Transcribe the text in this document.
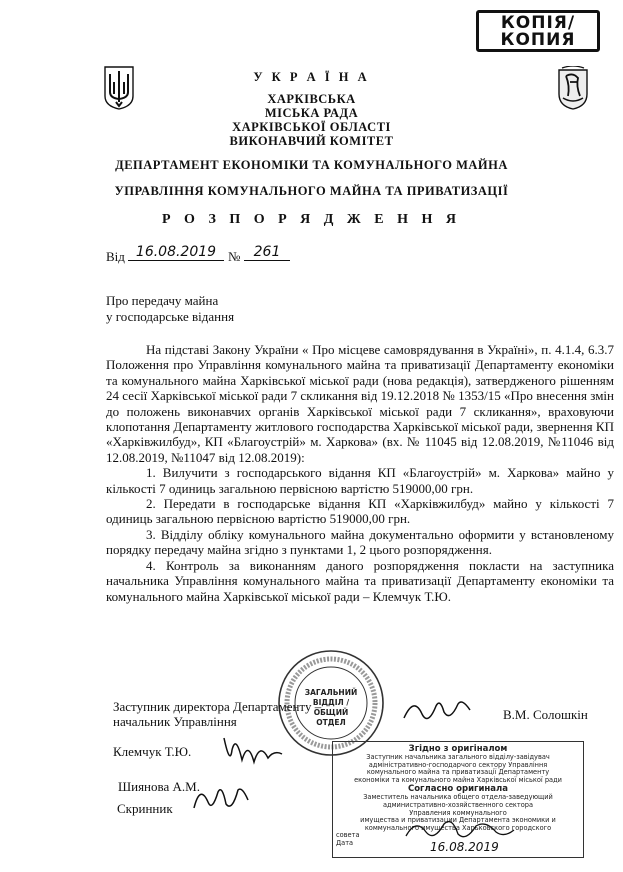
КОПІЯ/
КОПИЯ
У К Р А Ї Н А
ХАРКІВСЬКА
МІСЬКА РАДА
ХАРКІВСЬКОЇ ОБЛАСТІ
ВИКОНАВЧИЙ КОМІТЕТ
ДЕПАРТАМЕНТ ЕКОНОМІКИ ТА КОМУНАЛЬНОГО МАЙНА
УПРАВЛІННЯ КОМУНАЛЬНОГО МАЙНА ТА ПРИВАТИЗАЦІЇ
Р О З П О Р Я Д Ж Е Н Н Я
Від 16.08.2019 № 261
Про передачу майна
у господарське відання

На підставі Закону України « Про місцеве самоврядування в Україні», п. 4.1.4, 6.3.7 Положення про Управління комунального майна та приватизації Департаменту економіки та комунального майна Харківської міської ради (нова редакція), затвердженого рішенням 24 сесії Харківської міської ради 7 скликання від 19.12.2018 № 1353/15 «Про внесення змін до положень виконавчих органів Харківської міської ради 7 скликання», враховуючи клопотання Департаменту житлового господарства Харківської міської ради, звернення КП «Харківжилбуд», КП «Благоустрій» м. Харкова» (вх. № 11045 від 12.08.2019, №11046 від 12.08.2019, №11047 від 12.08.2019):

1. Вилучити з господарського відання КП «Благоустрій» м. Харкова» майно у кількості 7 одиниць загальною первісною вартістю 519000,00 грн.

2. Передати в господарське відання КП «Харківжилбуд» майно у кількості 7 одиниць загальною первісною вартістю 519000,00 грн.

3. Відділу обліку комунального майна документально оформити у встановленому порядку передачу майна згідно з пунктами 1, 2 цього розпорядження.

4. Контроль за виконанням даного розпорядження покласти на заступника начальника Управління комунального майна та приватизації Департаменту економіки та комунального майна Харківської міської ради – Клемчук Т.Ю.

ЗАГАЛЬНИЙ
ВІДДІЛ /
ОБЩИЙ ОТДЕЛ
Заступник директора Департаменту –
начальник Управління	В.М. Солошкін
Клемчук Т.Ю.
Шиянова А.М.
Скринник
Згідно з оригіналом
Заступник начальника загального відділу-завідувач
адміністративно-господарчого сектору Управління
комунального майна та приватизації Департаменту
економіки та комунального майна Харківської міської ради
Согласно оригинала
Заместитель начальника общего отдела-заведующий
административно-хозяйственного сектора
Управления коммунального
имущества и приватизации Департамента экономики и
коммунального имущества Харьковского городского
совета
Дата	16.08.2019
